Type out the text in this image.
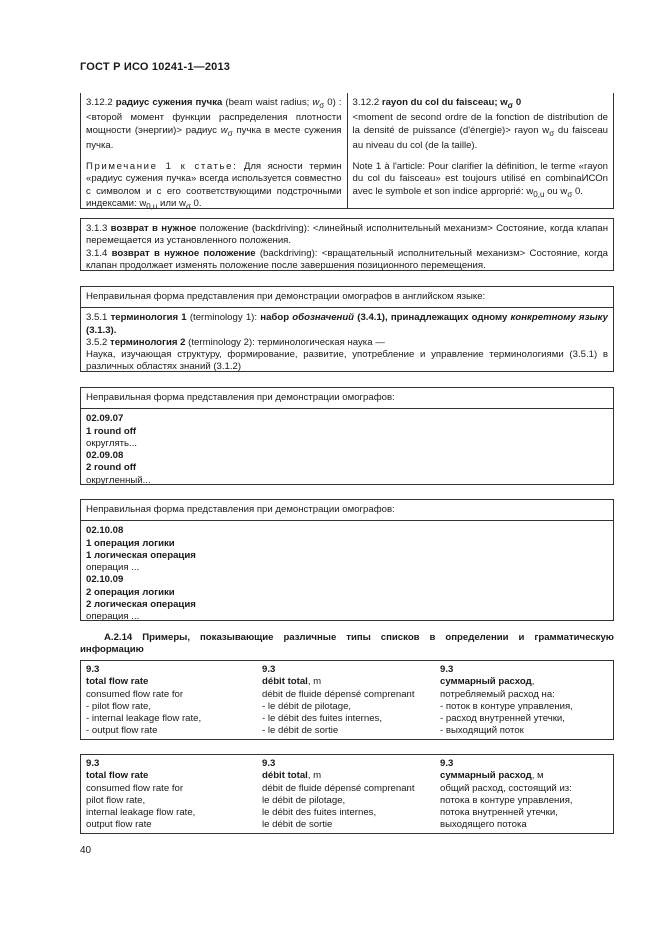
ГОСТ Р ИСО 10241-1—2013

3.12.2 радиус сужения пучка (beam waist radius; $w_\sigma$ 0) : <второй момент функции распределения плотности мощности (энергии)> радиус $w_\sigma$ пучка в месте сужения пучка.

Примечание 1 к статье: Для ясности термин «радиус сужения пучка» всегда используется совместно с символом и с его соответствующими подстрочными индексами: $w_{0,u}$ или $w_\sigma$ 0.

3.12.2 rayon du col du faisceau; $w_\sigma$ 0

<moment de second ordre de la fonction de distribution de la densité de puissance (d'énergie)> rayon $w_\sigma$ du faisceau au niveau du col (de la taille).

Note 1 à l'article: Pour clarifier la définition, le terme «rayon du col du faisceau» est toujours utilisé en combinaИСОn avec le symbole et son indice approprié: $w_{0,u}$ ou $w_\sigma$ 0.

3.1.3 возврат в нужное положение (backdriving): <линейный исполнительный механизм> Состояние, когда клапан перемещается из установленного положения.

3.1.4 возврат в нужное положение (backdriving): <вращательный исполнительный механизм> Состояние, когда клапан продолжает изменять положение после завершения позиционного перемещения.

Неправильная форма представления при демонстрации омографов в английском языке:

3.5.1 терминология 1 (terminology 1): набор обозначений (3.4.1), принадлежащих одному конкретному языку (3.1.3).

3.5.2 терминология 2 (terminology 2): терминологическая наука —

Наука, изучающая структуру, формирование, развитие, употребление и управление терминологиями (3.5.1) в различных областях знаний (3.1.2)

Неправильная форма представления при демонстрации омографов:
02.09.07
1 round off
округлять...
02.09.08
2 round off
округленный...
Неправильная форма представления при демонстрации омографов:
02.10.08
1 операция логики
1 логическая операция
операция ...
02.10.09
2 операция логики
2 логическая операция
операция ...
А.2.14 Примеры, показывающие различные типы списков в определении и грамматическую информацию
9.3
total flow rate
consumed flow rate for
- pilot flow rate,
- internal leakage flow rate,
- output flow rate
9.3
débit total, m
débit de fluide dépensé comprenant
- le débit de pilotage,
- le débit des fuites internes,
- le débit de sortie
9.3
суммарный расход,
потребляемый расход на:
- поток в контуре управления,
- расход внутренней утечки,
- выходящий поток
9.3
total flow rate
consumed flow rate for
pilot flow rate,
internal leakage flow rate,
output flow rate
9.3
débit total, m
débit de fluide dépensé comprenant
le débit de pilotage,
le débit des fuites internes,
le débit de sortie
9.3
суммарный расход, м
общий расход, состоящий из:
потока в контуре управления,
потока внутренней утечки,
выходящего потока
40
